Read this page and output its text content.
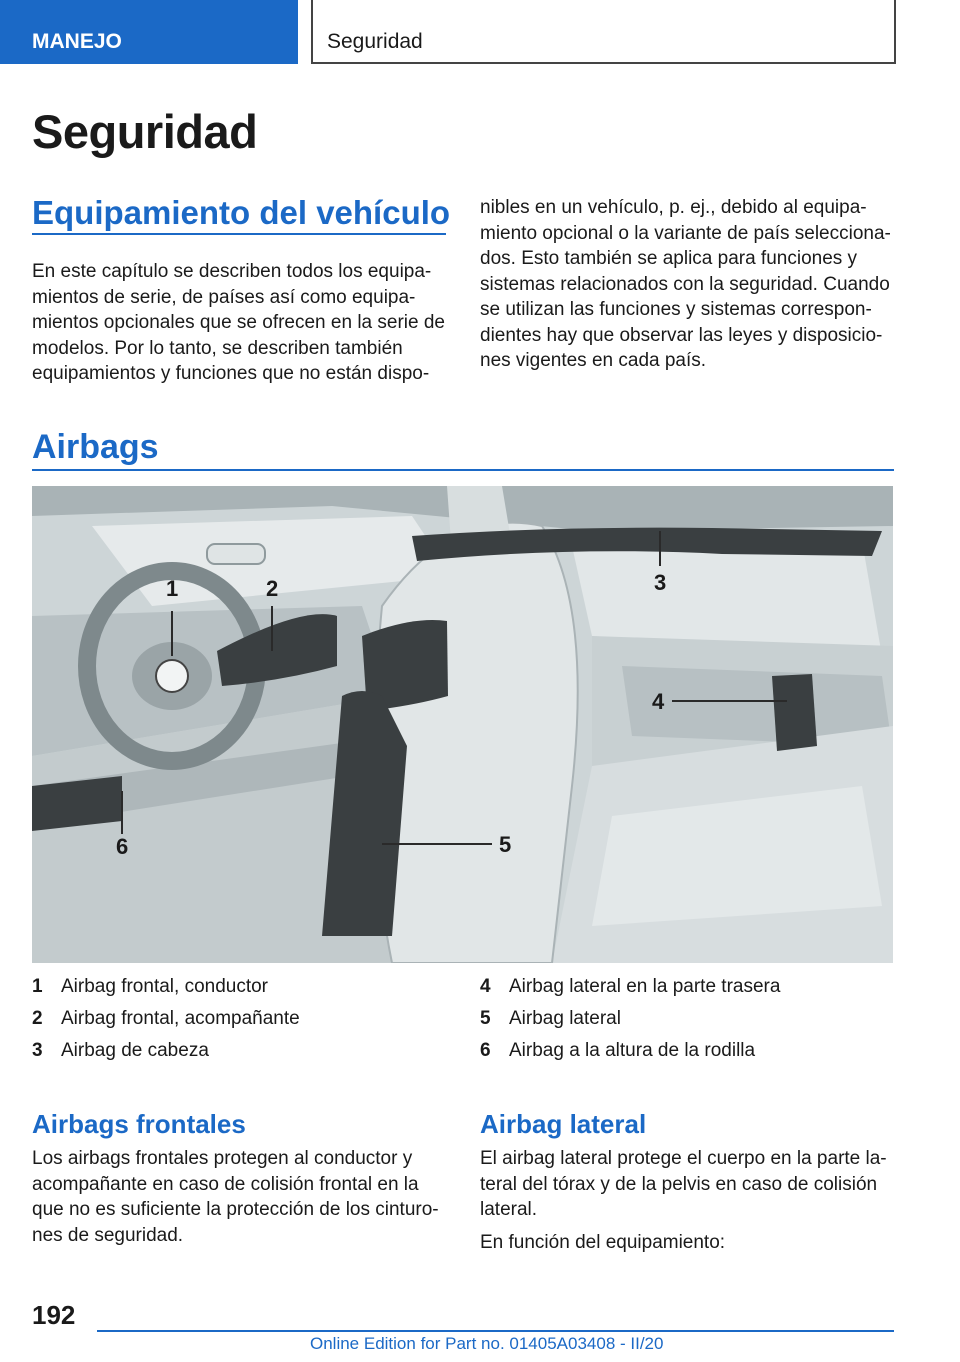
MANEJO	Seguridad
Seguridad
Equipamiento del vehículo
En este capítulo se describen todos los equipa-
mientos de serie, de países así como equipa-
mientos opcionales que se ofrecen en la serie de
modelos. Por lo tanto, se describen también
equipamientos y funciones que no están dispo-
nibles en un vehículo, p. ej., debido al equipa-
miento opcional o la variante de país selecciona-
dos. Esto también se aplica para funciones y
sistemas relacionados con la seguridad. Cuando
se utilizan las funciones y sistemas correspon-
dientes hay que observar las leyes y disposicio-
nes vigentes en cada país.
Airbags
1	2	3
4
5
6
1 Airbag frontal, conductor
2 Airbag frontal, acompañante
3 Airbag de cabeza
4 Airbag lateral en la parte trasera
5 Airbag lateral
6 Airbag a la altura de la rodilla
Airbags frontales
Los airbags frontales protegen al conductor y
acompañante en caso de colisión frontal en la
que no es suficiente la protección de los cinturo-
nes de seguridad.
Airbag lateral
El airbag lateral protege el cuerpo en la parte la-
teral del tórax y de la pelvis en caso de colisión
lateral.
En función del equipamiento:
192
Online Edition for Part no. 01405A03408 - II/20
